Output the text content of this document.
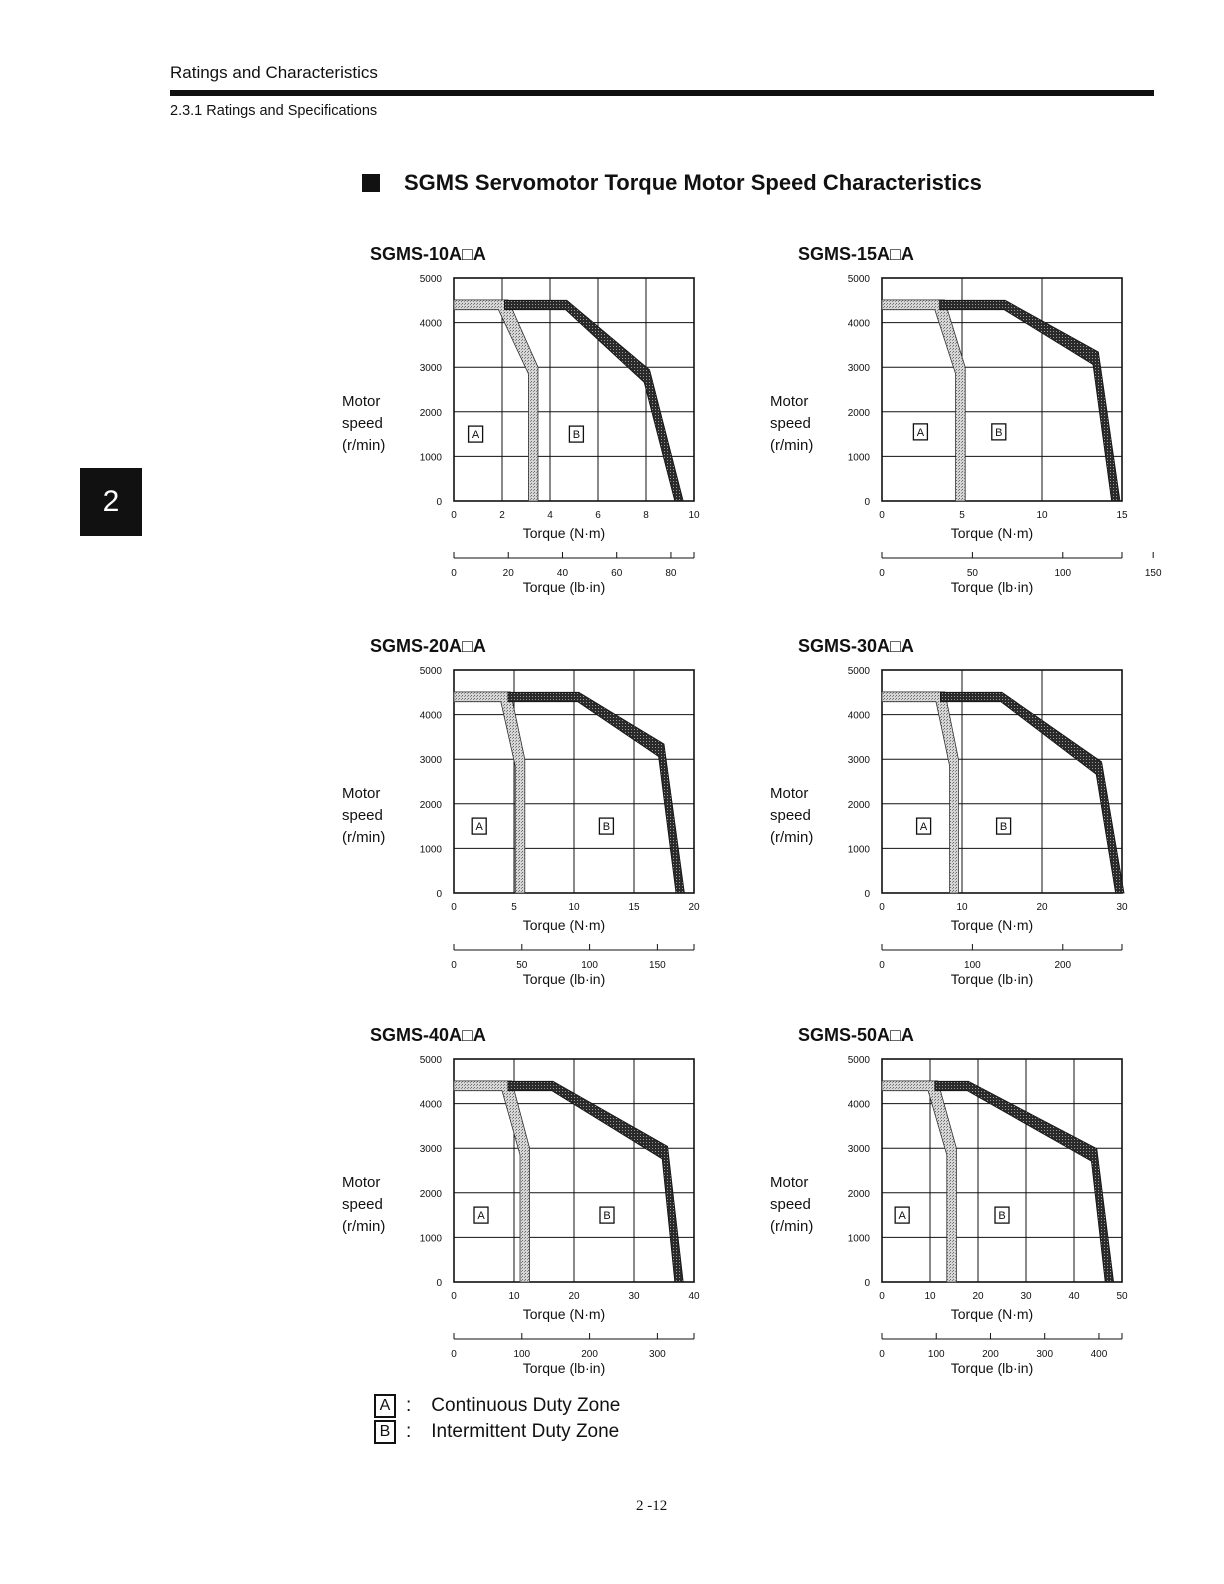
Ratings and Characteristics
2.3.1 Ratings and Specifications
2
SGMS Servomotor Torque Motor Speed Characteristics
SGMS-10A□A
Motor
speed
(r/min)
A	B
0
1000
2000
3000
4000
5000
0	2	4	6	8	10
Torque (N·m)
0	20	40	60	80
Torque (lb·in)
SGMS-15A□A
Motor
speed
(r/min)
A	B
0
1000
2000
3000
4000
5000
0	5	10	15
Torque (N·m)
0	50	100	150
Torque (lb·in)
SGMS-20A□A
Motor
speed
(r/min)
A	B
0
1000
2000
3000
4000
5000
0	5	10	15	20
Torque (N·m)
0	50	100	150
Torque (lb·in)
SGMS-30A□A
Motor
speed
(r/min)
A	B
0
1000
2000
3000
4000
5000
0	10	20	30
Torque (N·m)
0	100	200
Torque (lb·in)
SGMS-40A□A
Motor
speed
(r/min)
A	B
0
1000
2000
3000
4000
5000
0	10	20	30	40
Torque (N·m)
0	100	200	300
Torque (lb·in)
SGMS-50A□A
Motor
speed
(r/min)
A	B
0
1000
2000
3000
4000
5000
0	10	20	30	40	50
Torque (N·m)
0	100	200	300	400
Torque (lb·in)
A : Continuous Duty Zone
B : Intermittent Duty Zone
2 -12
